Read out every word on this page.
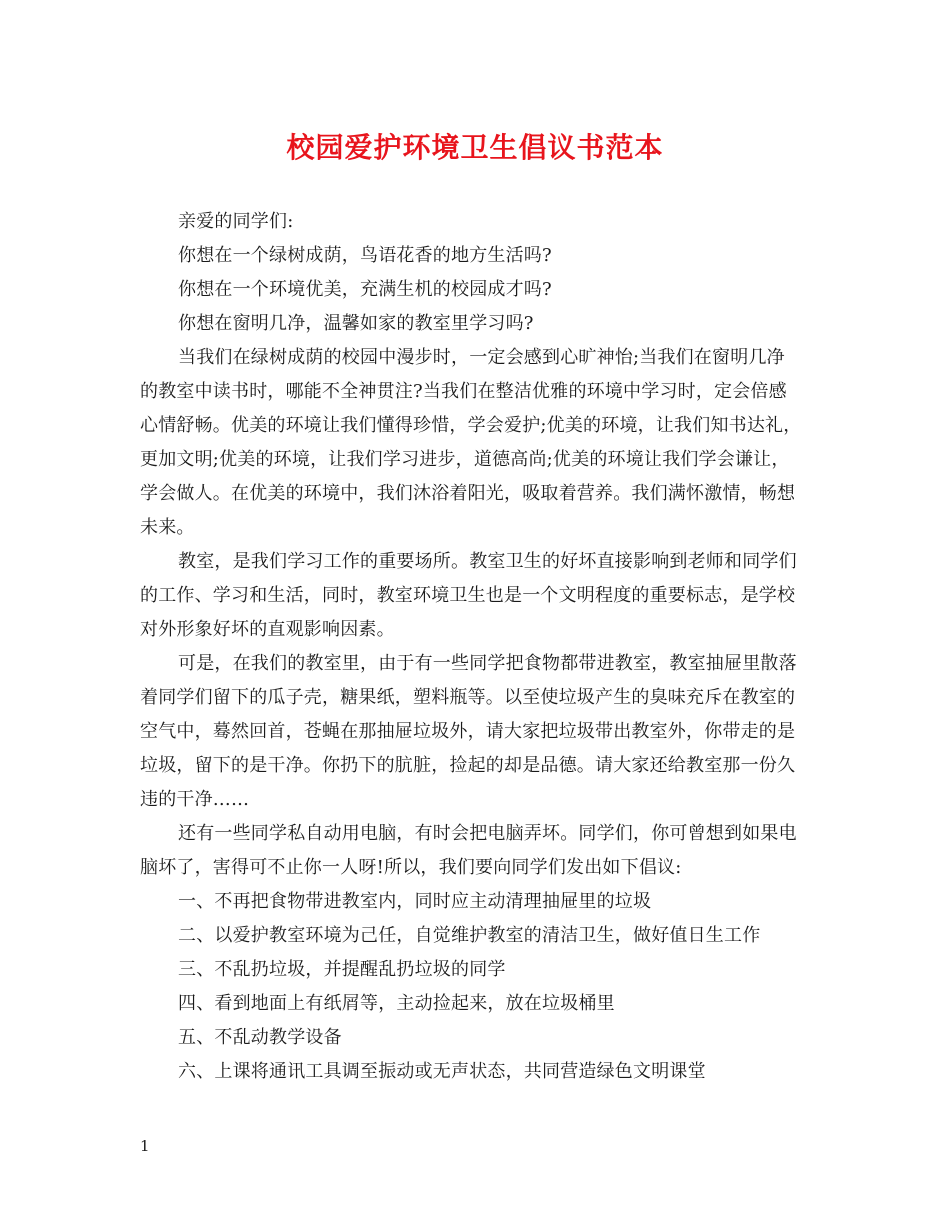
校园爱护环境卫生倡议书范本

亲爱的同学们:

你想在一个绿树成荫，鸟语花香的地方生活吗?

你想在一个环境优美，充满生机的校园成才吗?

你想在窗明几净，温馨如家的教室里学习吗?

当我们在绿树成荫的校园中漫步时，一定会感到心旷神怡;当我们在窗明几净

的教室中读书时，哪能不全神贯注?当我们在整洁优雅的环境中学习时，定会倍感

心情舒畅。优美的环境让我们懂得珍惜，学会爱护;优美的环境，让我们知书达礼，

更加文明;优美的环境，让我们学习进步，道德高尚;优美的环境让我们学会谦让，

学会做人。在优美的环境中，我们沐浴着阳光，吸取着营养。我们满怀激情，畅想

未来。

教室，是我们学习工作的重要场所。教室卫生的好坏直接影响到老师和同学们

的工作、学习和生活，同时，教室环境卫生也是一个文明程度的重要标志，是学校

对外形象好坏的直观影响因素。

可是，在我们的教室里，由于有一些同学把食物都带进教室，教室抽屉里散落

着同学们留下的瓜子壳，糖果纸，塑料瓶等。以至使垃圾产生的臭味充斥在教室的

空气中，蓦然回首，苍蝇在那抽屉垃圾外，请大家把垃圾带出教室外，你带走的是

垃圾，留下的是干净。你扔下的肮脏，捡起的却是品德。请大家还给教室那一份久

违的干净……

还有一些同学私自动用电脑，有时会把电脑弄坏。同学们，你可曾想到如果电

脑坏了，害得可不止你一人呀!所以，我们要向同学们发出如下倡议:

一、不再把食物带进教室内，同时应主动清理抽屉里的垃圾

二、以爱护教室环境为己任，自觉维护教室的清洁卫生，做好值日生工作

三、不乱扔垃圾，并提醒乱扔垃圾的同学

四、看到地面上有纸屑等，主动捡起来，放在垃圾桶里

五、不乱动教学设备

六、上课将通讯工具调至振动或无声状态，共同营造绿色文明课堂

1
